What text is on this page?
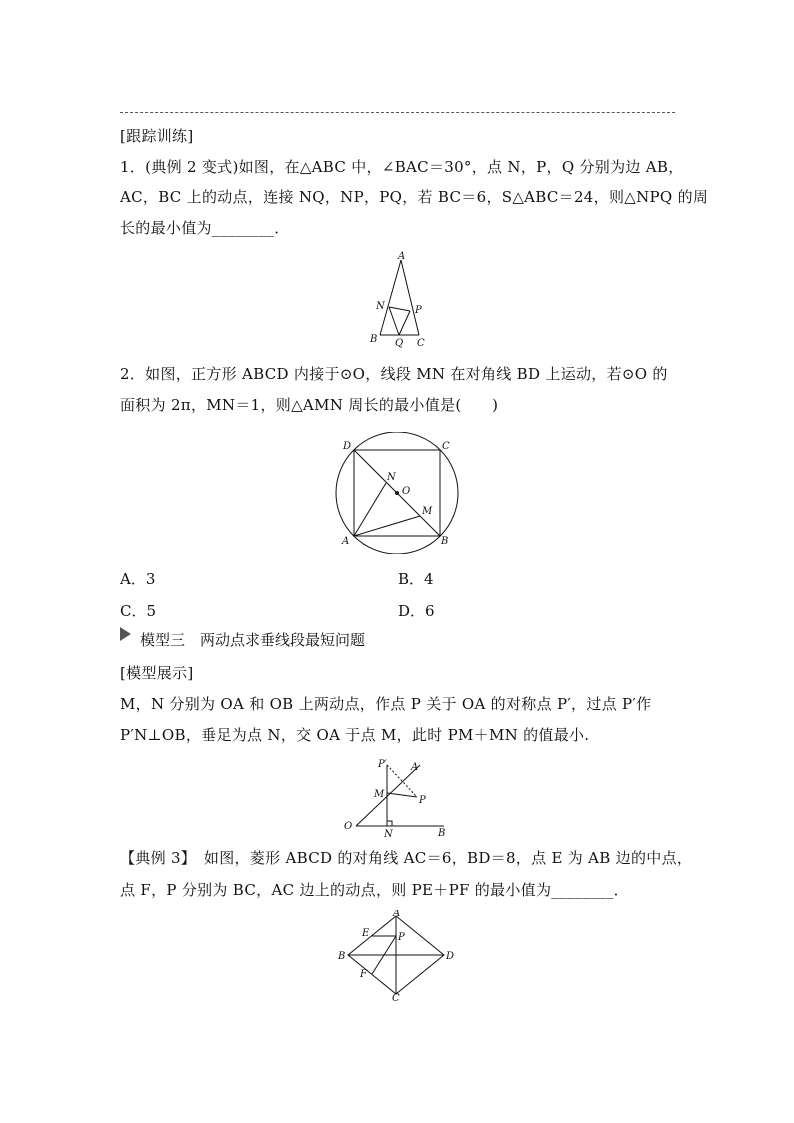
[跟踪训练]
1．(典例 2 变式)如图，在△ABC 中，∠BAC＝30°，点 N，P，Q 分别为边 AB，
AC，BC 上的动点，连接 NQ，NP，PQ，若 BC＝6，S△ABC＝24，则△NPQ 的周
长的最小值为________．
A
N	P
B Q C
2．如图，正方形 ABCD 内接于⊙O，线段 MN 在对角线 BD 上运动，若⊙O 的
面积为 2π，MN＝1，则△AMN 周长的最小值是(　　)
D	C
N
O
M
A	B
A．3	B．4
C．5	D．6
模型三　两动点求垂线段最短问题
[模型展示]
M，N 分别为 OA 和 OB 上两动点，作点 P 关于 OA 的对称点 P′，过点 P′作
P′N⊥OB，垂足为点 N，交 OA 于点 M，此时 PM＋MN 的值最小.
P′ A
M
P
O
N	B
【典例 3】　如图，菱形 ABCD 的对角线 AC＝6，BD＝8，点 E 为 AB 边的中点，
点 F，P 分别为 BC，AC 边上的动点，则 PE＋PF 的最小值为________．
A
E	P
B	D
F
C
